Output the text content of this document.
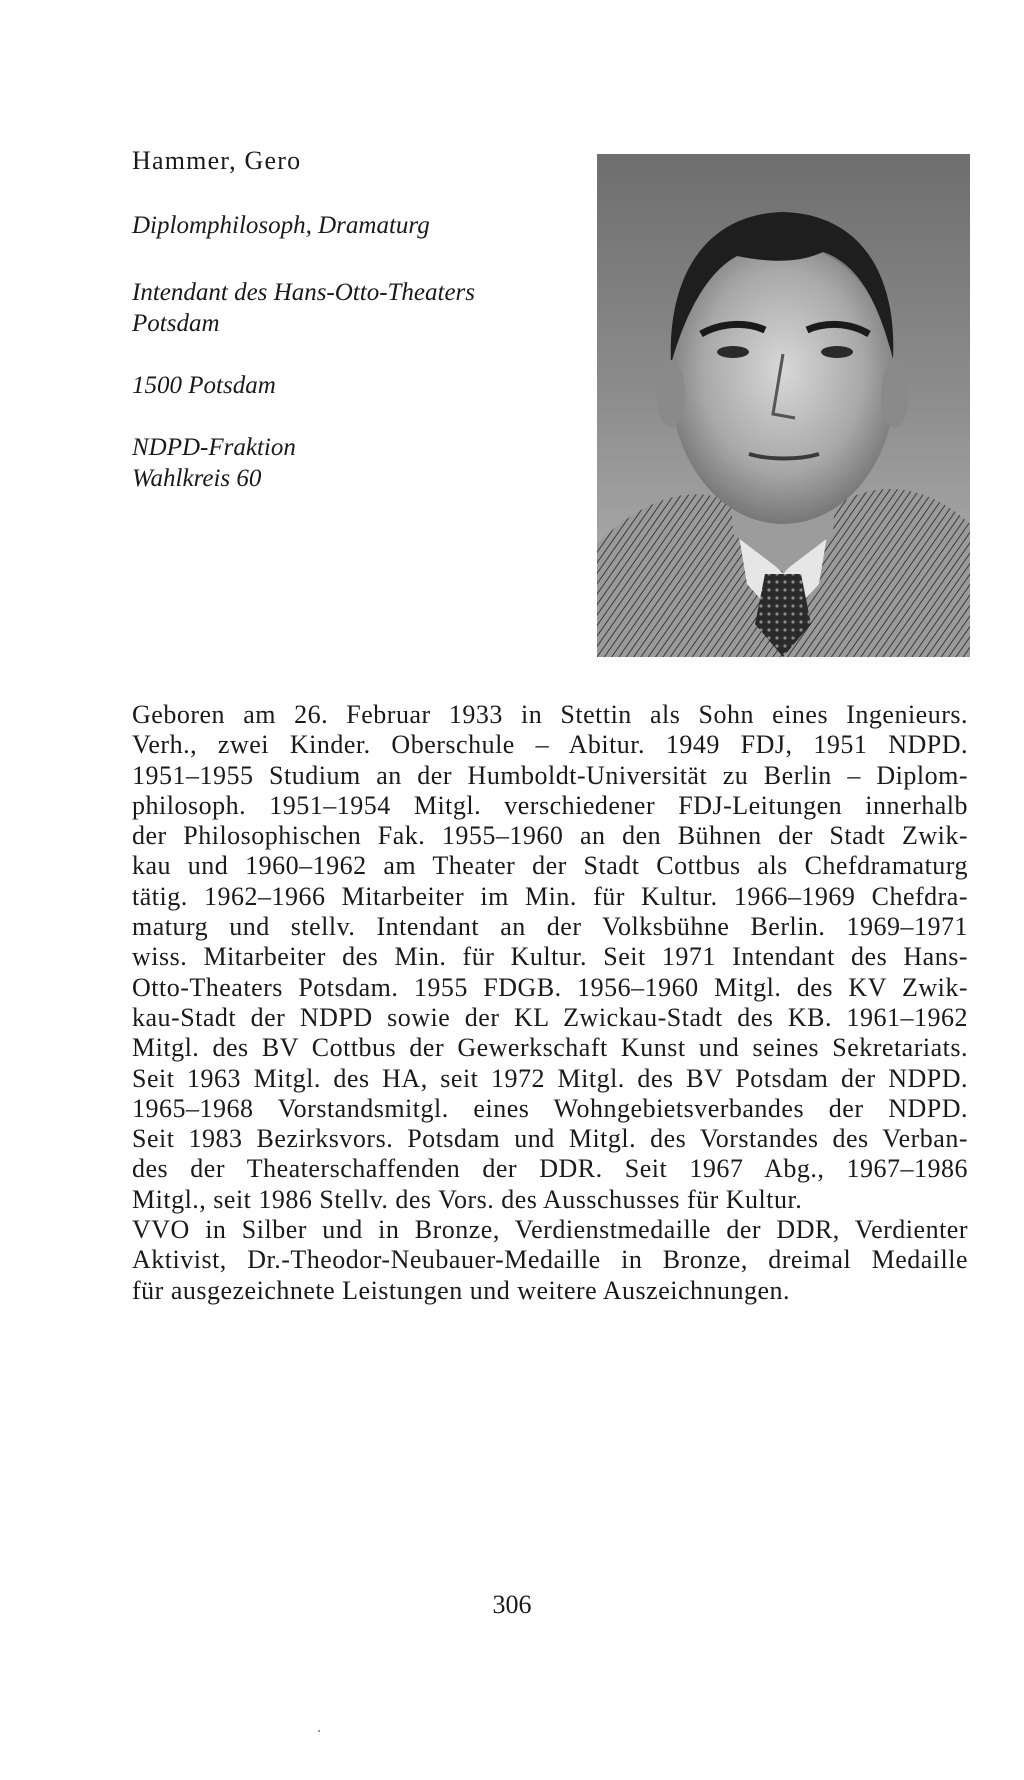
Hammer, Gero

Diplomphilosoph, Dramaturg

Intendant des Hans-Otto-Theaters
Potsdam

1500 Potsdam

NDPD-Fraktion
Wahlkreis 60
Geboren am 26. Februar 1933 in Stettin als Sohn eines Ingenieurs.
Verh., zwei Kinder. Oberschule – Abitur. 1949 FDJ, 1951 NDPD.
1951–1955 Studium an der Humboldt-Universität zu Berlin – Diplom-
philosoph. 1951–1954 Mitgl. verschiedener FDJ-Leitungen innerhalb
der Philosophischen Fak. 1955–1960 an den Bühnen der Stadt Zwik-
kau und 1960–1962 am Theater der Stadt Cottbus als Chefdramaturg
tätig. 1962–1966 Mitarbeiter im Min. für Kultur. 1966–1969 Chefdra-
maturg und stellv. Intendant an der Volksbühne Berlin. 1969–1971
wiss. Mitarbeiter des Min. für Kultur. Seit 1971 Intendant des Hans-
Otto-Theaters Potsdam. 1955 FDGB. 1956–1960 Mitgl. des KV Zwik-
kau-Stadt der NDPD sowie der KL Zwickau-Stadt des KB. 1961–1962
Mitgl. des BV Cottbus der Gewerkschaft Kunst und seines Sekretariats.
Seit 1963 Mitgl. des HA, seit 1972 Mitgl. des BV Potsdam der NDPD.
1965–1968 Vorstandsmitgl. eines Wohngebietsverbandes der NDPD.
Seit 1983 Bezirksvors. Potsdam und Mitgl. des Vorstandes des Verban-
des der Theaterschaffenden der DDR. Seit 1967 Abg., 1967–1986
Mitgl., seit 1986 Stellv. des Vors. des Ausschusses für Kultur.
VVO in Silber und in Bronze, Verdienstmedaille der DDR, Verdienter
Aktivist, Dr.-Theodor-Neubauer-Medaille in Bronze, dreimal Medaille
für ausgezeichnete Leistungen und weitere Auszeichnungen.

306
